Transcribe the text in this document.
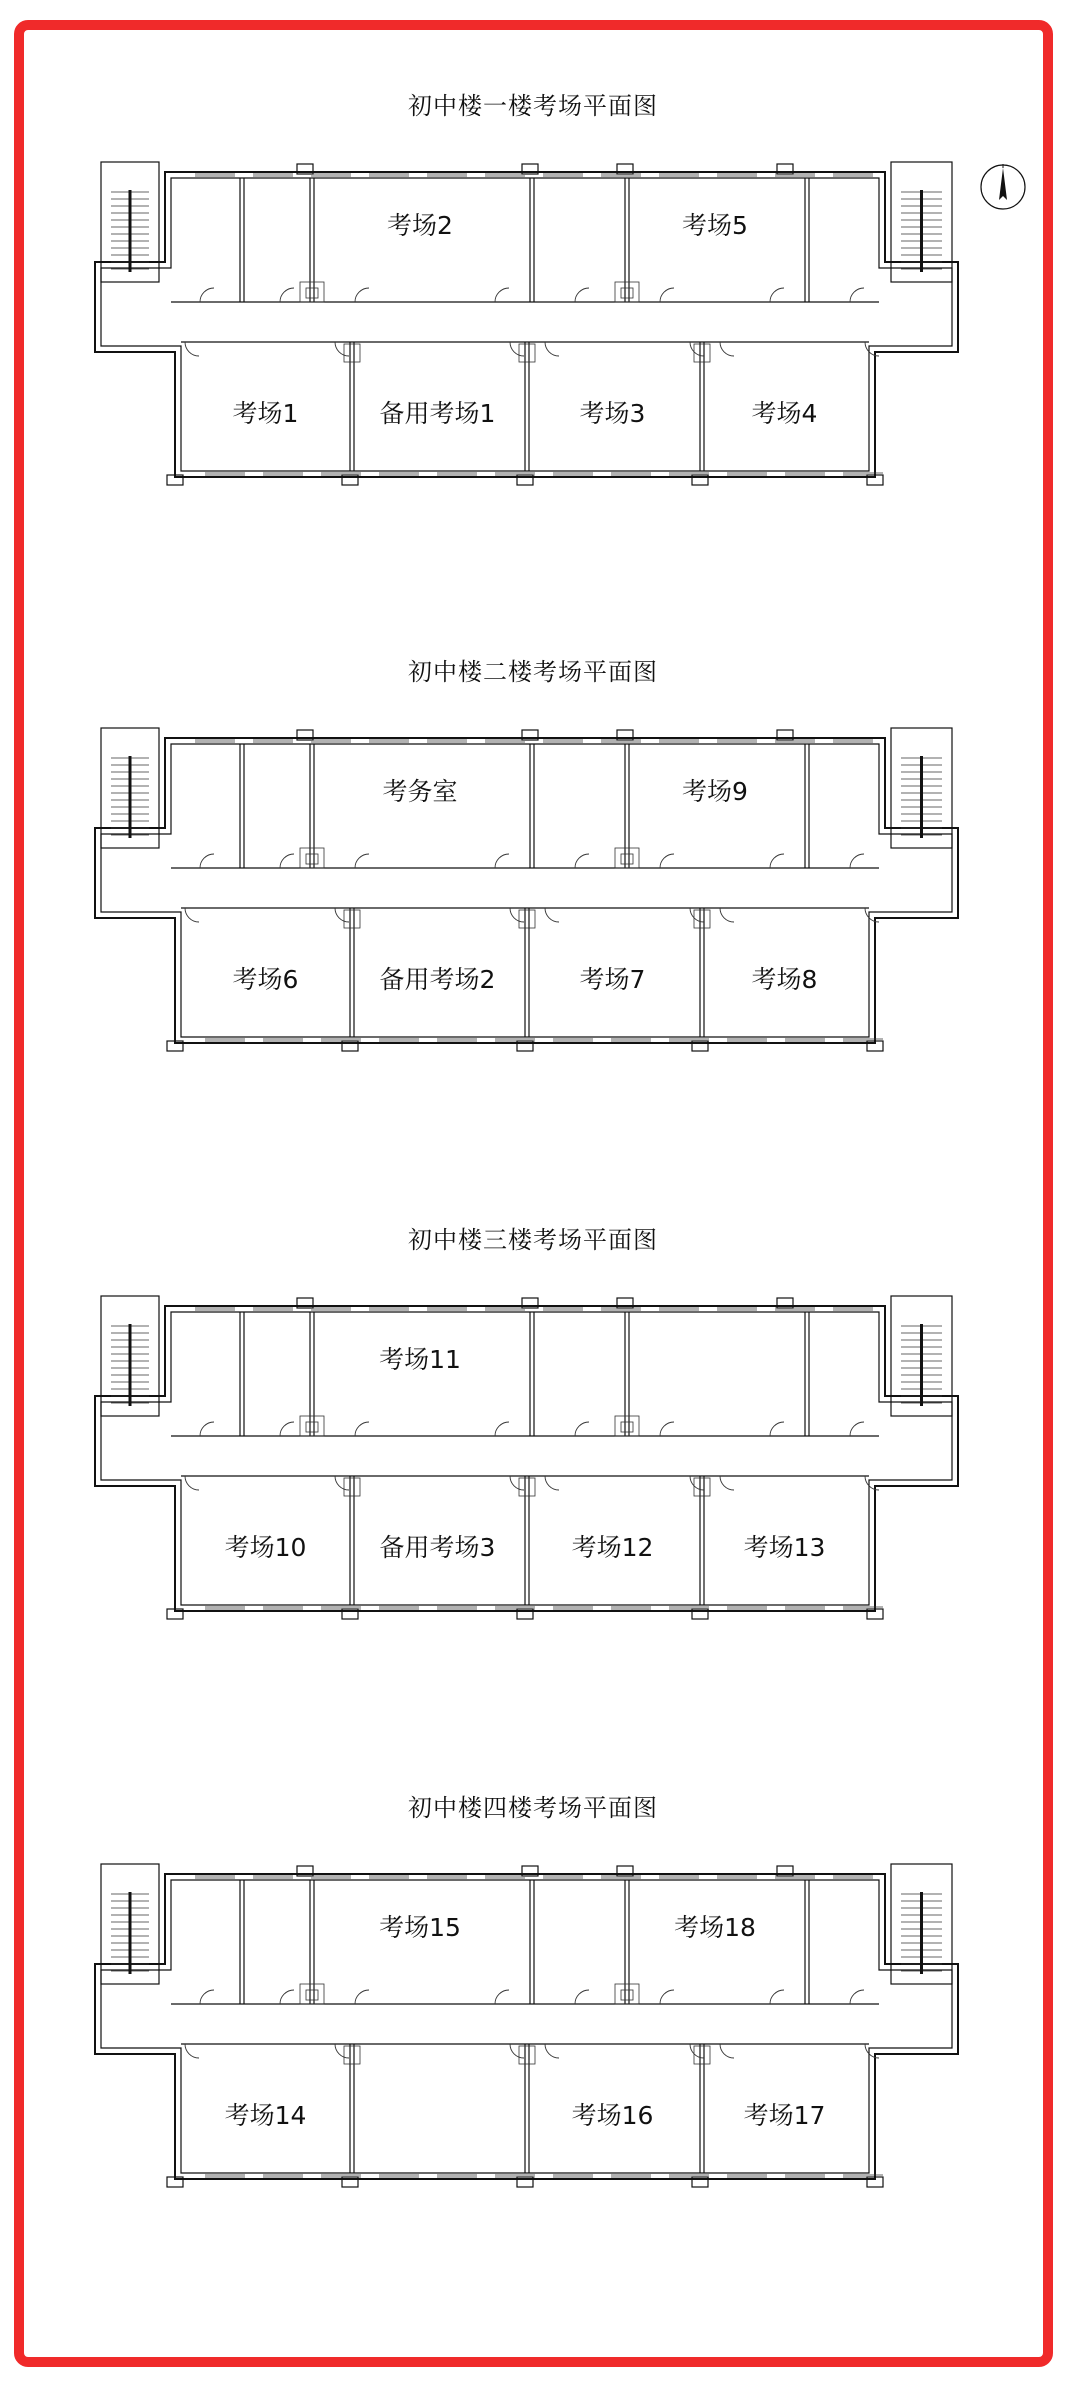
初中楼一楼考场平面图
考场2	考场5
考场1	备用考场1	考场3	考场4
初中楼二楼考场平面图
考务室	考场9
考场6	备用考场2	考场7	考场8
初中楼三楼考场平面图
考场11
考场10	备用考场3	考场12	考场13
初中楼四楼考场平面图
考场15	考场18
考场14	考场16	考场17
